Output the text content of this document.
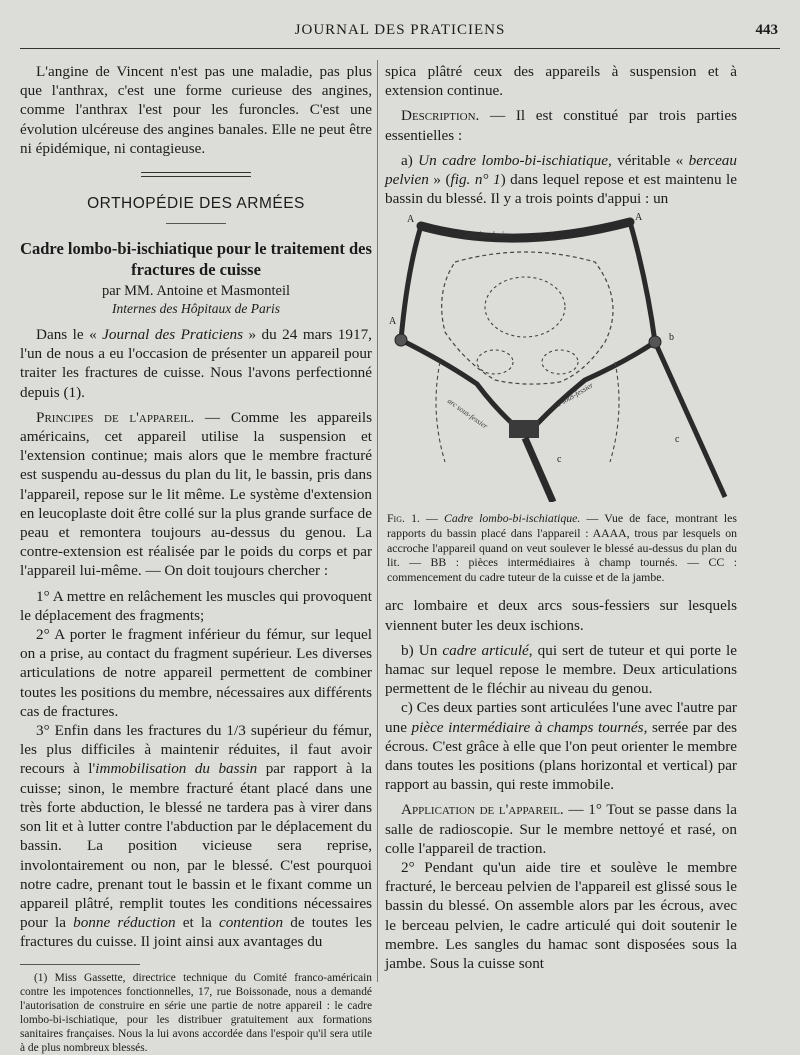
JOURNAL DES PRATICIENS	443

L'angine de Vincent n'est pas une maladie, pas plus que l'anthrax, c'est une forme curieuse des angines, comme l'anthrax l'est pour les furoncles. C'est une évolution ulcéreuse des angines banales. Elle ne peut être ni épidémique, ni contagieuse.

ORTHOPÉDIE DES ARMÉES
Cadre lombo-bi-ischiatique pour le traitement des fractures de cuisse
par MM. Antoine et Masmonteil
Internes des Hôpitaux de Paris

Dans le « Journal des Praticiens » du 24 mars 1917, l'un de nous a eu l'occasion de présenter un appareil pour traiter les fractures de cuisse. Nous l'avons perfectionné depuis (1).

Principes de l'appareil. — Comme les appareils américains, cet appareil utilise la suspension et l'extension continue; mais alors que le membre fracturé est suspendu au-dessus du plan du lit, le bassin, pris dans l'appareil, repose sur le lit même. Le système d'extension en leucoplaste doit être collé sur la plus grande surface de peau et remontera toujours au-dessus du genou. La contre-extension est réalisée par le poids du corps et par l'appareil lui-même. — On doit toujours chercher :

1° A mettre en relâchement les muscles qui provoquent le déplacement des fragments;

2° A porter le fragment inférieur du fémur, sur lequel on a prise, au contact du fragment supérieur. Les diverses articulations de notre appareil permettent de combiner toutes les positions du membre, nécessaires aux différents cas de fractures.

3° Enfin dans les fractures du 1/3 supérieur du fémur, les plus difficiles à maintenir réduites, il faut avoir recours à l'immobilisation du bassin par rapport à la cuisse; sinon, le membre fracturé étant placé dans une très forte abduction, le blessé ne tardera pas à virer dans son lit et à lutter contre l'abduction par le déplacement du bassin. La position vicieuse sera reprise, involontairement ou non, par le blessé. C'est pourquoi notre cadre, prenant tout le bassin et le fixant comme un appareil plâtré, remplit toutes les conditions nécessaires pour la bonne réduction et la contention de toutes les fractures du cuisse. Il joint ainsi aux avantages du

(1) Miss Gassette, directrice technique du Comité franco-américain contre les impotences fonctionnelles, 17, rue Boissonade, nous a demandé l'autorisation de construire en série une partie de notre appareil : le cadre lombo-bi-ischiatique, pour les distribuer gratuitement aux formations sanitaires françaises. Nous la lui avons accordée dans l'espoir qu'il sera utile à de plus nombreux blessés.

spica plâtré ceux des appareils à suspension et à extension continue.

Description. — Il est constitué par trois parties essentielles :

a) Un cadre lombo-bi-ischiatique, véritable « berceau pelvien » (fig. n° 1) dans lequel repose et est maintenu le bassin du blessé. Il y a trois points d'appui : un

arc lombaire
A	A
A
b
c
c
arc sous-fessier
arc sous-fessier

Fig. 1. — Cadre lombo-bi-ischiatique. — Vue de face, montrant les rapports du bassin placé dans l'appareil : AAAA, trous par lesquels on accroche l'appareil quand on veut soulever le blessé au-dessus du plan du lit. — BB : pièces intermédiaires à champ tournés. — CC : commencement du cadre tuteur de la cuisse et de la jambe.

arc lombaire et deux arcs sous-fessiers sur lesquels viennent buter les deux ischions.

b) Un cadre articulé, qui sert de tuteur et qui porte le hamac sur lequel repose le membre. Deux articulations permettent de le fléchir au niveau du genou.

c) Ces deux parties sont articulées l'une avec l'autre par une pièce intermédiaire à champs tournés, serrée par des écrous. C'est grâce à elle que l'on peut orienter le membre dans toutes les positions (plans horizontal et vertical) par rapport au bassin, qui reste immobile.

Application de l'appareil. — 1° Tout se passe dans la salle de radioscopie. Sur le membre nettoyé et rasé, on colle l'appareil de traction.

2° Pendant qu'un aide tire et soulève le membre fracturé, le berceau pelvien de l'appareil est glissé sous le bassin du blessé. On assemble alors par les écrous, avec le berceau pelvien, le cadre articulé qui doit soutenir le membre. Les sangles du hamac sont disposées sous la jambe. Sous la cuisse sont
